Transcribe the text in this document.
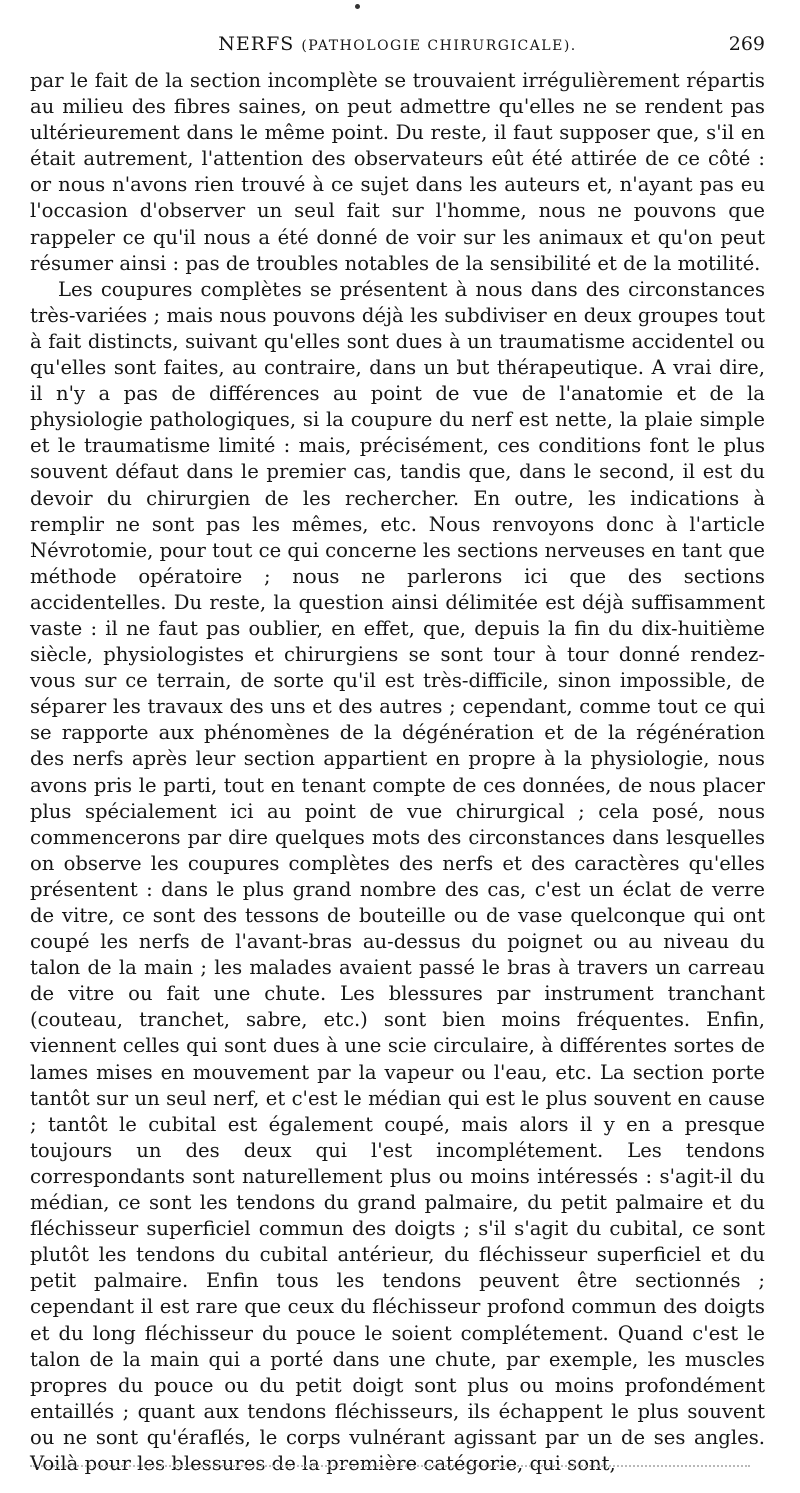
NERFS (PATHOLOGIE CHIRURGICALE).	269

par le fait de la section incomplète se trouvaient irrégulièrement répartis au milieu des fibres saines, on peut admettre qu'elles ne se rendent pas ultérieurement dans le même point. Du reste, il faut supposer que, s'il en était autrement, l'attention des observateurs eût été attirée de ce côté : or nous n'avons rien trouvé à ce sujet dans les auteurs et, n'ayant pas eu l'occasion d'observer un seul fait sur l'homme, nous ne pouvons que rappeler ce qu'il nous a été donné de voir sur les animaux et qu'on peut résumer ainsi : pas de troubles notables de la sensibilité et de la motilité.

Les coupures complètes se présentent à nous dans des circonstances très-variées ; mais nous pouvons déjà les subdiviser en deux groupes tout à fait distincts, suivant qu'elles sont dues à un traumatisme accidentel ou qu'elles sont faites, au contraire, dans un but thérapeutique. A vrai dire, il n'y a pas de différences au point de vue de l'anatomie et de la physiologie pathologiques, si la coupure du nerf est nette, la plaie simple et le traumatisme limité : mais, précisément, ces conditions font le plus souvent défaut dans le premier cas, tandis que, dans le second, il est du devoir du chirurgien de les rechercher. En outre, les indications à remplir ne sont pas les mêmes, etc. Nous renvoyons donc à l'article Névrotomie, pour tout ce qui concerne les sections nerveuses en tant que méthode opératoire ; nous ne parlerons ici que des sections accidentelles. Du reste, la question ainsi délimitée est déjà suffisamment vaste : il ne faut pas oublier, en effet, que, depuis la fin du dix-huitième siècle, physiologistes et chirurgiens se sont tour à tour donné rendez-vous sur ce terrain, de sorte qu'il est très-difficile, sinon impossible, de séparer les travaux des uns et des autres ; cependant, comme tout ce qui se rapporte aux phénomènes de la dégénération et de la régénération des nerfs après leur section appartient en propre à la physiologie, nous avons pris le parti, tout en tenant compte de ces données, de nous placer plus spécialement ici au point de vue chirurgical ; cela posé, nous commencerons par dire quelques mots des circonstances dans lesquelles on observe les coupures complètes des nerfs et des caractères qu'elles présentent : dans le plus grand nombre des cas, c'est un éclat de verre de vitre, ce sont des tessons de bouteille ou de vase quelconque qui ont coupé les nerfs de l'avant-bras au-dessus du poignet ou au niveau du talon de la main ; les malades avaient passé le bras à travers un carreau de vitre ou fait une chute. Les blessures par instrument tranchant (couteau, tranchet, sabre, etc.) sont bien moins fréquentes. Enfin, viennent celles qui sont dues à une scie circulaire, à différentes sortes de lames mises en mouvement par la vapeur ou l'eau, etc. La section porte tantôt sur un seul nerf, et c'est le médian qui est le plus souvent en cause ; tantôt le cubital est également coupé, mais alors il y en a presque toujours un des deux qui l'est incomplétement. Les tendons correspondants sont naturellement plus ou moins intéressés : s'agit-il du médian, ce sont les tendons du grand palmaire, du petit palmaire et du fléchisseur superficiel commun des doigts ; s'il s'agit du cubital, ce sont plutôt les tendons du cubital antérieur, du fléchisseur superficiel et du petit palmaire. Enfin tous les tendons peuvent être sectionnés ; cependant il est rare que ceux du fléchisseur profond commun des doigts et du long fléchisseur du pouce le soient complétement. Quand c'est le talon de la main qui a porté dans une chute, par exemple, les muscles propres du pouce ou du petit doigt sont plus ou moins profondément entaillés ; quant aux tendons fléchisseurs, ils échappent le plus souvent ou ne sont qu'éraflés, le corps vulnérant agissant par un de ses angles. Voilà pour les blessures de la première catégorie, qui sont,
